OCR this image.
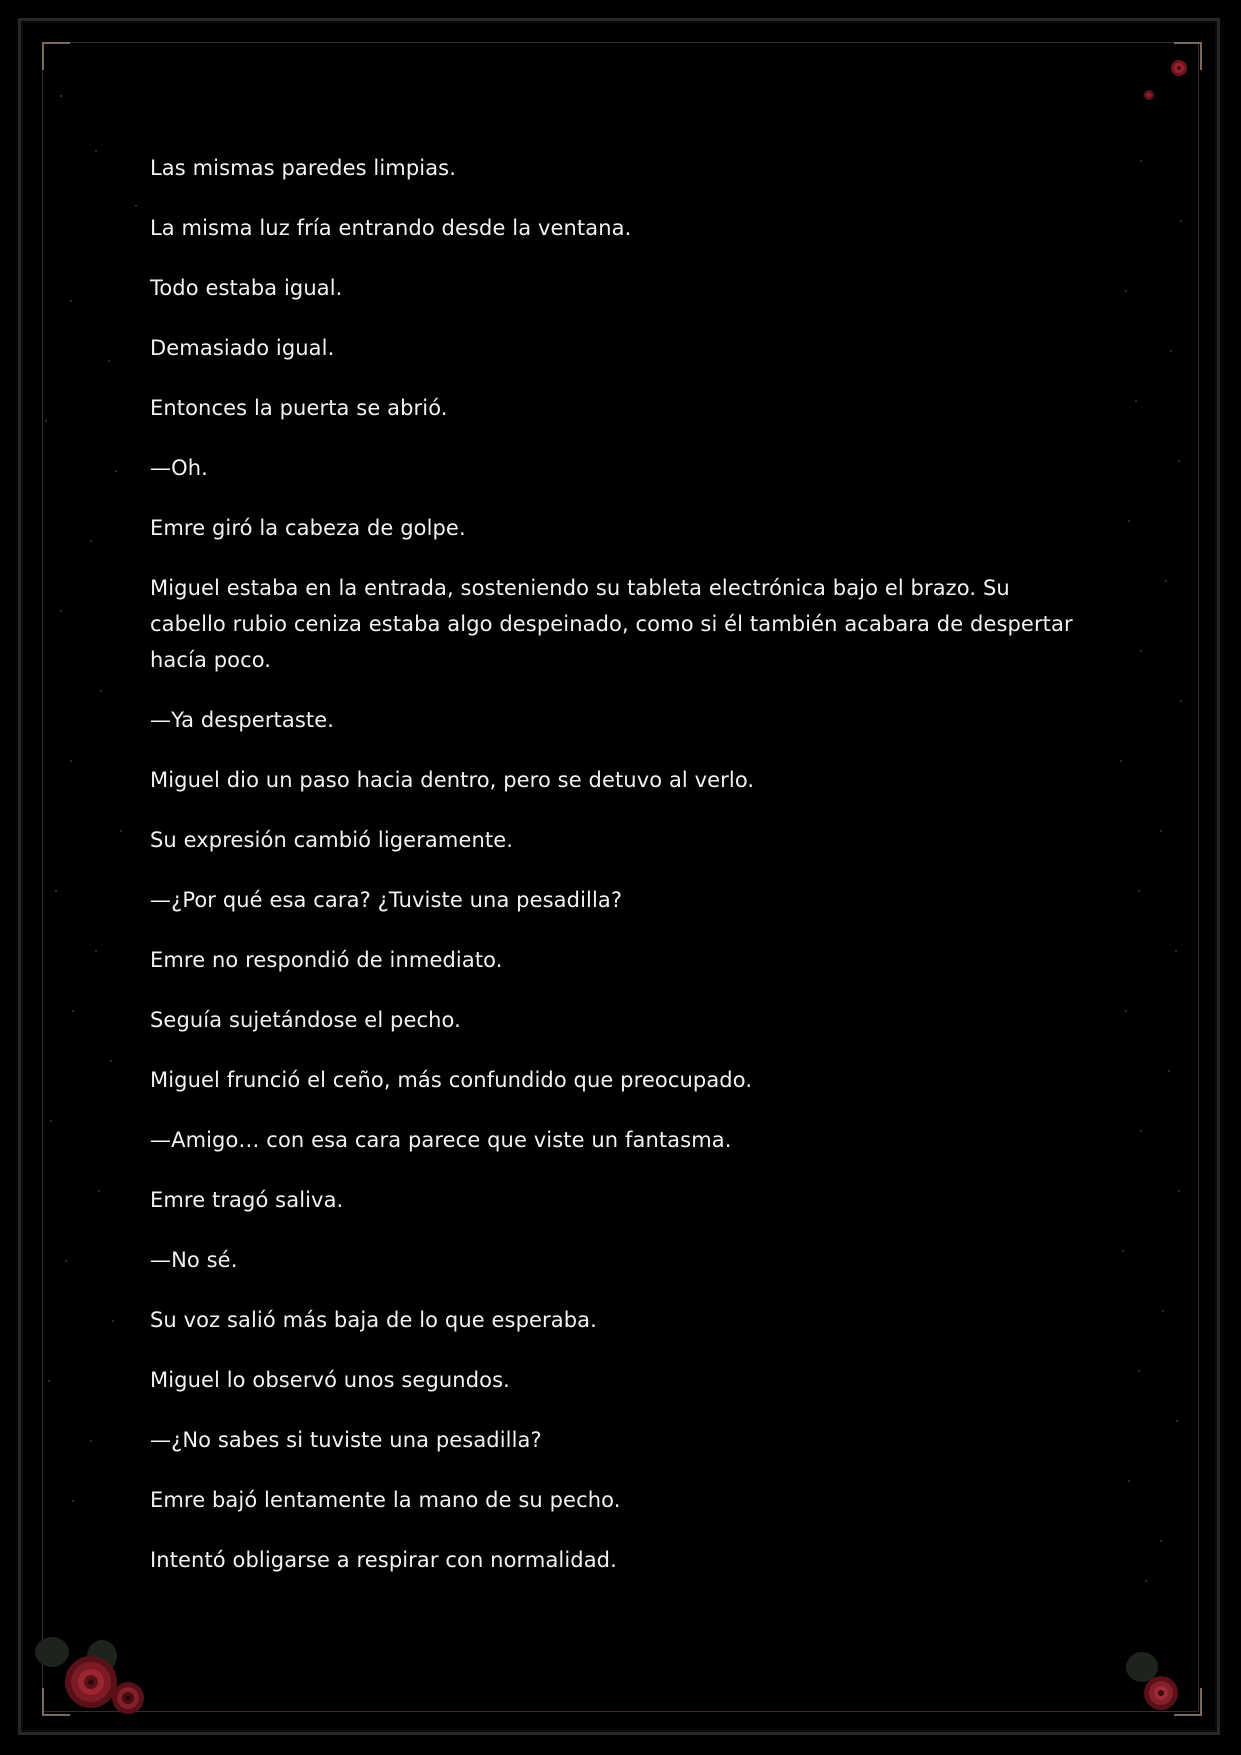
Las mismas paredes limpias.

La misma luz fría entrando desde la ventana.

Todo estaba igual.

Demasiado igual.

Entonces la puerta se abrió.

—Oh.

Emre giró la cabeza de golpe.

Miguel estaba en la entrada, sosteniendo su tableta electrónica bajo el brazo. Su cabello rubio ceniza estaba algo despeinado, como si él también acabara de despertar hacía poco.

—Ya despertaste.

Miguel dio un paso hacia dentro, pero se detuvo al verlo.

Su expresión cambió ligeramente.

—¿Por qué esa cara? ¿Tuviste una pesadilla?

Emre no respondió de inmediato.

Seguía sujetándose el pecho.

Miguel frunció el ceño, más confundido que preocupado.

—Amigo… con esa cara parece que viste un fantasma.

Emre tragó saliva.

—No sé.

Su voz salió más baja de lo que esperaba.

Miguel lo observó unos segundos.

—¿No sabes si tuviste una pesadilla?

Emre bajó lentamente la mano de su pecho.

Intentó obligarse a respirar con normalidad.
